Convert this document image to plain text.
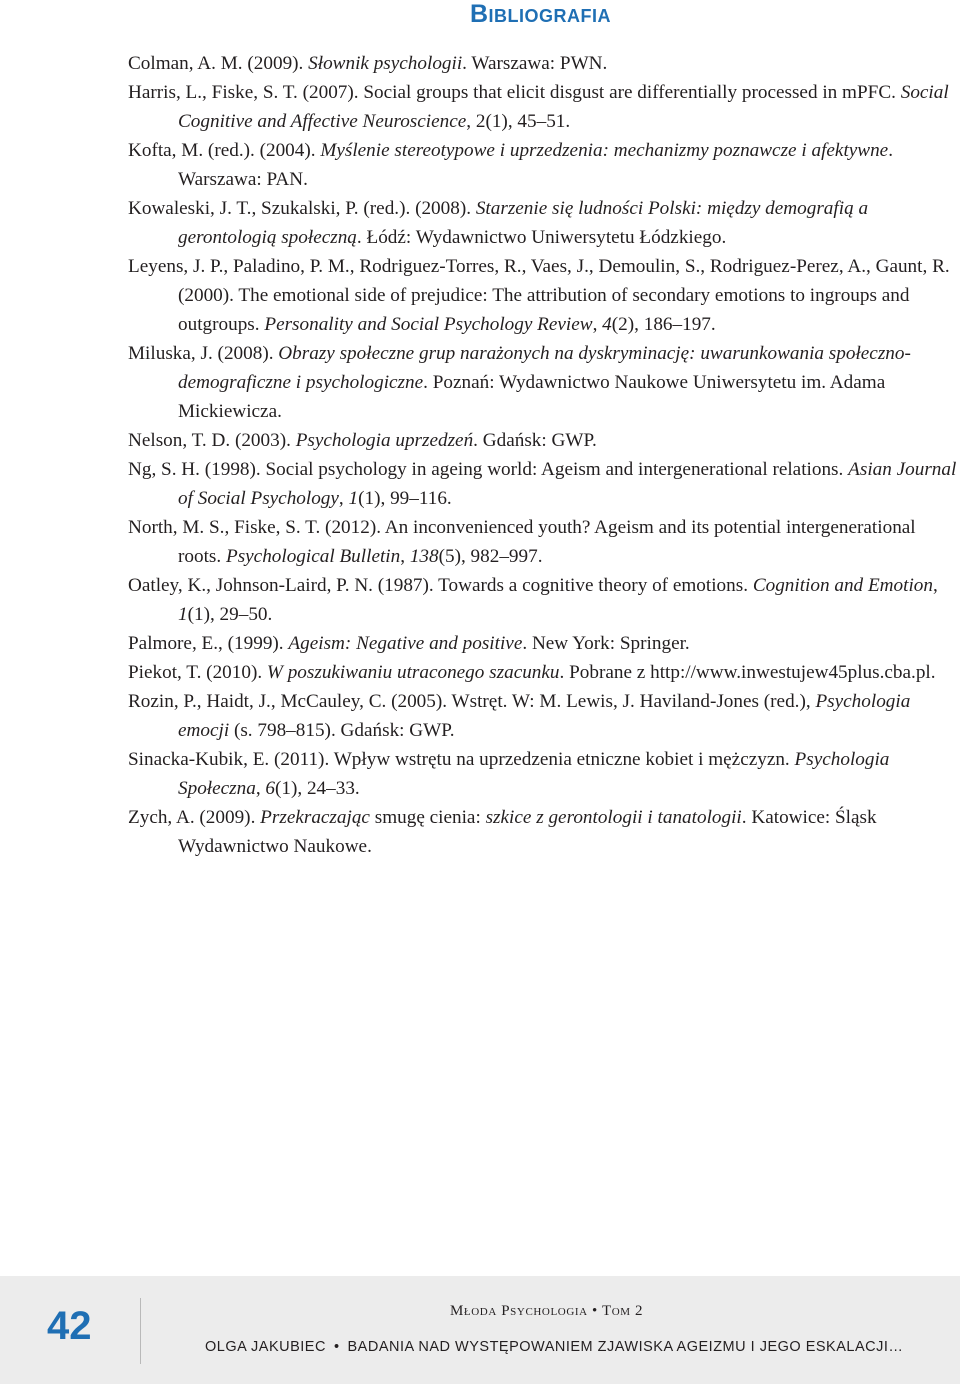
Bibliografia

Colman, A. M. (2009). Słownik psychologii. Warszawa: PWN.

Harris, L., Fiske, S. T. (2007). Social groups that elicit disgust are differentially processed in mPFC. Social Cognitive and Affective Neuroscience, 2(1), 45–51.

Kofta, M. (red.). (2004). Myślenie stereotypowe i uprzedzenia: mechanizmy poznawcze i afektywne. Warszawa: PAN.

Kowaleski, J. T., Szukalski, P. (red.). (2008). Starzenie się ludności Polski: między demografią a gerontologią społeczną. Łódź: Wydawnictwo Uniwersytetu Łódzkiego.

Leyens, J. P., Paladino, P. M., Rodriguez-Torres, R., Vaes, J., Demoulin, S., Rodriguez-Perez, A., Gaunt, R. (2000). The emotional side of prejudice: The attribution of secondary emotions to ingroups and outgroups. Personality and Social Psychology Review, 4(2), 186–197.

Miluska, J. (2008). Obrazy społeczne grup narażonych na dyskryminację: uwarunkowania społeczno-demograficzne i psychologiczne. Poznań: Wydawnictwo Naukowe Uniwersytetu im. Adama Mickiewicza.

Nelson, T. D. (2003). Psychologia uprzedzeń. Gdańsk: GWP.

Ng, S. H. (1998). Social psychology in ageing world: Ageism and intergenerational relations. Asian Journal of Social Psychology, 1(1), 99–116.

North, M. S., Fiske, S. T. (2012). An inconvenienced youth? Ageism and its potential intergenerational roots. Psychological Bulletin, 138(5), 982–997.

Oatley, K., Johnson-Laird, P. N. (1987). Towards a cognitive theory of emotions. Cognition and Emotion, 1(1), 29–50.

Palmore, E., (1999). Ageism: Negative and positive. New York: Springer.

Piekot, T. (2010). W poszukiwaniu utraconego szacunku. Pobrane z http://www.inwestujew45plus.cba.pl.

Rozin, P., Haidt, J., McCauley, C. (2005). Wstręt. W: M. Lewis, J. Haviland-Jones (red.), Psychologia emocji (s. 798–815). Gdańsk: GWP.

Sinacka-Kubik, E. (2011). Wpływ wstrętu na uprzedzenia etniczne kobiet i mężczyzn. Psychologia Społeczna, 6(1), 24–33.

Zych, A. (2009). Przekraczając smugę cienia: szkice z gerontologii i tanatologii. Katowice: Śląsk Wydawnictwo Naukowe.

42	Młoda Psychologia • Tom 2
OLGA JAKUBIEC • BADANIA NAD WYSTĘPOWANIEM ZJAWISKA AGEIZMU I JEGO ESKALACJI…
